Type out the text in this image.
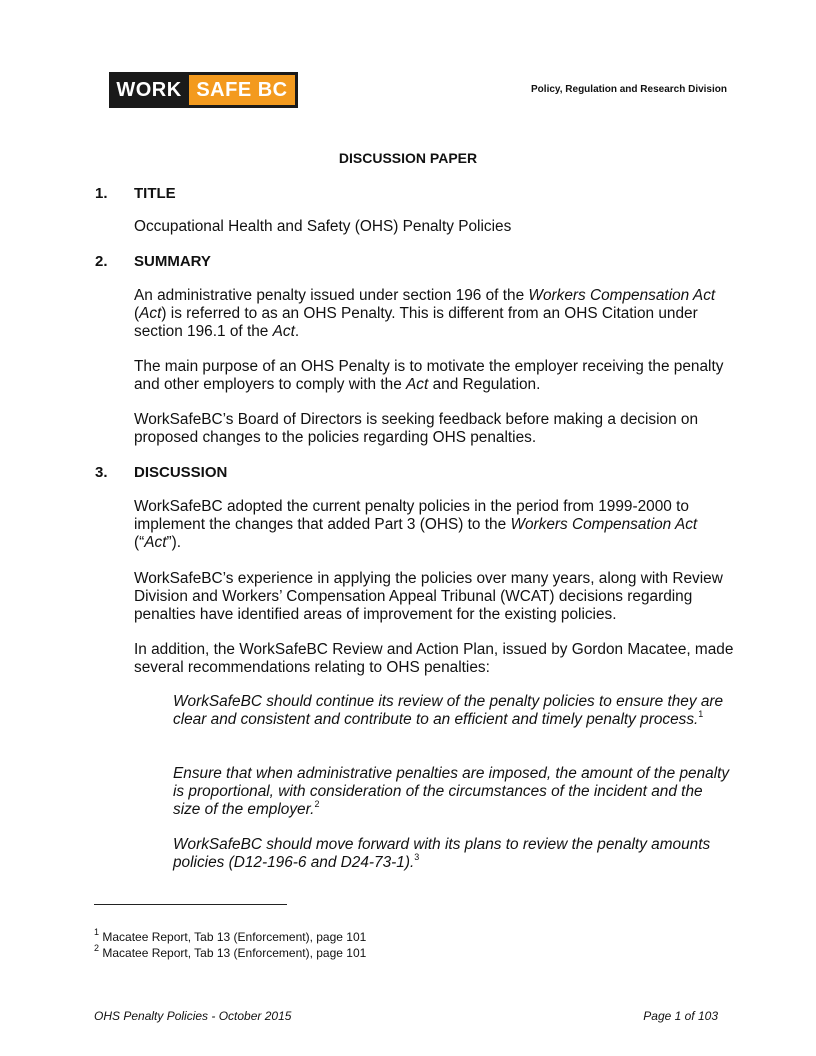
WORK SAFE BC	Policy, Regulation and Research Division
DISCUSSION PAPER
1. TITLE

Occupational Health and Safety (OHS) Penalty Policies

2. SUMMARY

An administrative penalty issued under section 196 of the Workers Compensation Act (Act) is referred to as an OHS Penalty. This is different from an OHS Citation under section 196.1 of the Act.

The main purpose of an OHS Penalty is to motivate the employer receiving the penalty and other employers to comply with the Act and Regulation.

WorkSafeBC’s Board of Directors is seeking feedback before making a decision on proposed changes to the policies regarding OHS penalties.

3. DISCUSSION

WorkSafeBC adopted the current penalty policies in the period from 1999-2000 to implement the changes that added Part 3 (OHS) to the Workers Compensation Act (“Act”).

WorkSafeBC’s experience in applying the policies over many years, along with Review Division and Workers’ Compensation Appeal Tribunal (WCAT) decisions regarding penalties have identified areas of improvement for the existing policies.

In addition, the WorkSafeBC Review and Action Plan, issued by Gordon Macatee, made several recommendations relating to OHS penalties:

WorkSafeBC should continue its review of the penalty policies to ensure they are clear and consistent and contribute to an efficient and timely penalty process.$^1$

Ensure that when administrative penalties are imposed, the amount of the penalty is proportional, with consideration of the circumstances of the incident and the size of the employer.$^2$

WorkSafeBC should move forward with its plans to review the penalty amounts policies (D12-196-6 and D24-73-1).$^3$

$^1$ Macatee Report, Tab 13 (Enforcement), page 101
$^2$ Macatee Report, Tab 13 (Enforcement), page 101
OHS Penalty Policies - October 2015	Page 1 of 103
